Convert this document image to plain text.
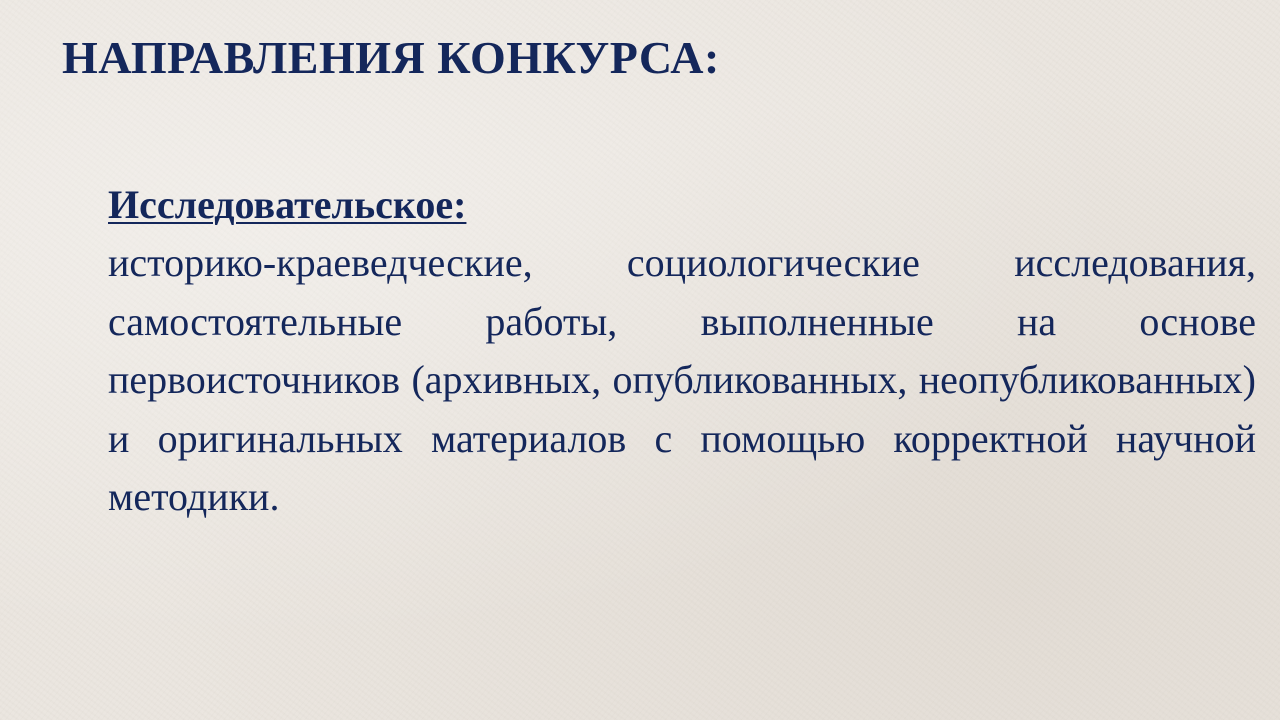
НАПРАВЛЕНИЯ КОНКУРСА:

Исследовательское:

историко-краеведческие, социологические исследования, самостоятельные работы, выполненные на основе первоисточников (архивных, опубликованных, неопубликованных) и оригинальных материалов с помощью корректной научной методики.
